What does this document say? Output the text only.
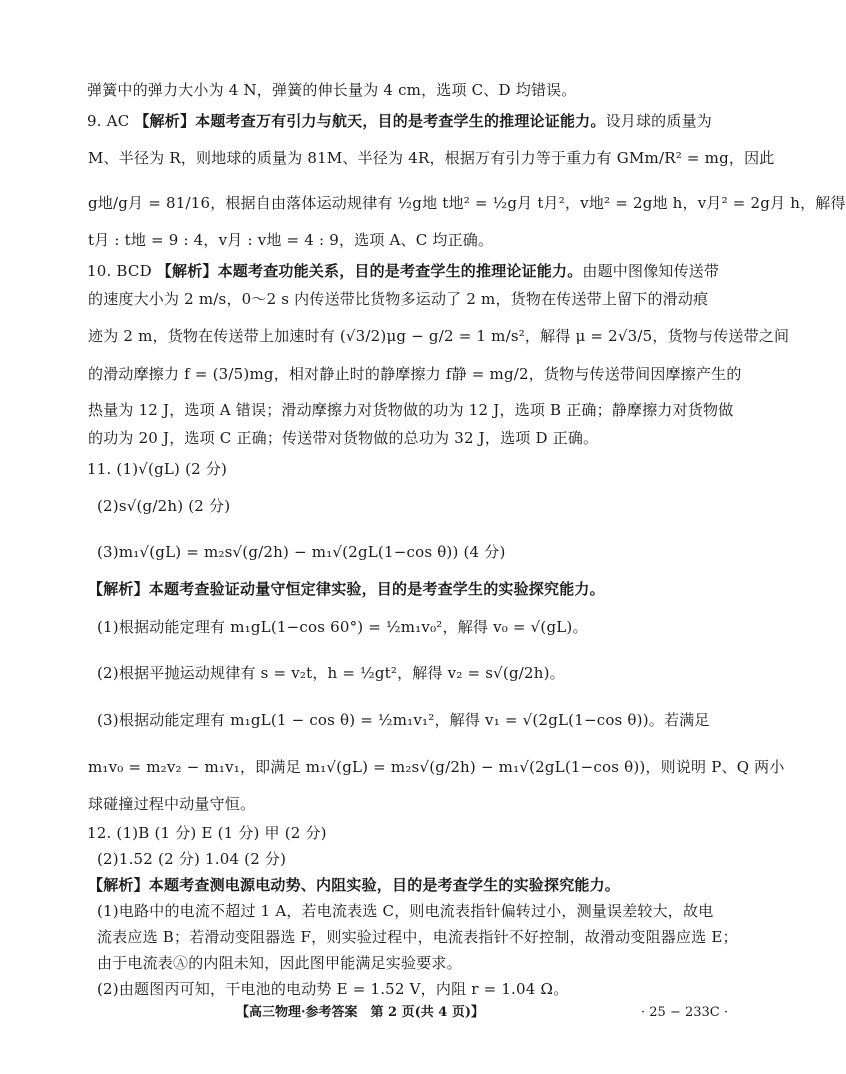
弹簧中的弹力大小为 4 N，弹簧的伸长量为 4 cm，选项 C、D 均错误。
9. AC 【解析】本题考查万有引力与航天，目的是考查学生的推理论证能力。设月球的质量为
M、半径为 R，则地球的质量为 81M、半径为 4R，根据万有引力等于重力有 GMm/R² = mg，因此
g地/g月 = 81/16，根据自由落体运动规律有 ½g地 t地² = ½g月 t月²，v地² = 2g地 h，v月² = 2g月 h，解得
t月 : t地 = 9 : 4，v月 : v地 = 4 : 9，选项 A、C 均正确。
10. BCD 【解析】本题考查功能关系，目的是考查学生的推理论证能力。由题中图像知传送带
的速度大小为 2 m/s，0～2 s 内传送带比货物多运动了 2 m，货物在传送带上留下的滑动痕
迹为 2 m，货物在传送带上加速时有 (√3/2)μg − g/2 = 1 m/s²，解得 μ = 2√3/5，货物与传送带之间
的滑动摩擦力 f = (3/5)mg，相对静止时的静摩擦力 f静 = mg/2，货物与传送带间因摩擦产生的
热量为 12 J，选项 A 错误；滑动摩擦力对货物做的功为 12 J，选项 B 正确；静摩擦力对货物做
的功为 20 J，选项 C 正确；传送带对货物做的总功为 32 J，选项 D 正确。
11. (1)√(gL) (2 分)
(2)s√(g/2h) (2 分)
(3)m₁√(gL) = m₂s√(g/2h) − m₁√(2gL(1−cos θ)) (4 分)
【解析】本题考查验证动量守恒定律实验，目的是考查学生的实验探究能力。
(1)根据动能定理有 m₁gL(1−cos 60°) = ½m₁v₀²，解得 v₀ = √(gL)。
(2)根据平抛运动规律有 s = v₂t，h = ½gt²，解得 v₂ = s√(g/2h)。
(3)根据动能定理有 m₁gL(1 − cos θ) = ½m₁v₁²，解得 v₁ = √(2gL(1−cos θ))。若满足
m₁v₀ = m₂v₂ − m₁v₁，即满足 m₁√(gL) = m₂s√(g/2h) − m₁√(2gL(1−cos θ))，则说明 P、Q 两小
球碰撞过程中动量守恒。
12. (1)B (1 分) E (1 分) 甲 (2 分)
(2)1.52 (2 分) 1.04 (2 分)
【解析】本题考查测电源电动势、内阻实验，目的是考查学生的实验探究能力。
(1)电路中的电流不超过 1 A，若电流表选 C，则电流表指针偏转过小，测量误差较大，故电
流表应选 B；若滑动变阻器选 F，则实验过程中，电流表指针不好控制，故滑动变阻器应选 E；
由于电流表Ⓐ的内阻未知，因此图甲能满足实验要求。
(2)由题图丙可知，干电池的电动势 E = 1.52 V，内阻 r = 1.04 Ω。
【高三物理·参考答案　第 2 页(共 4 页)】	· 25 − 233C ·
